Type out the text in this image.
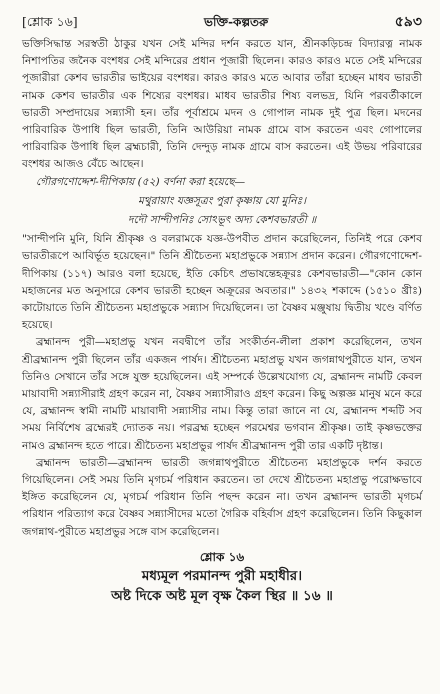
[শ্লোক ১৬]	ভক্তি-কল্পতরু	৫৯৩

ভক্তিসিদ্ধান্ত সরস্বতী ঠাকুর যখন সেই মন্দির দর্শন করতে যান, শ্রীনকড়িচন্দ্র বিদ্যারত্ন নামক নিশাপতির জনৈক বংশধর সেই মন্দিরের প্রধান পূজারী ছিলেন। কারও কারও মতে সেই মন্দিরের পূজারীরা কেশব ভারতীর ভাইয়ের বংশধর। কারও কারও মতে আবার তাঁরা হচ্ছেন মাধব ভারতী নামক কেশব ভারতীর এক শিষ্যের বংশধর। মাধব ভারতীর শিষ্য বলভদ্র, যিনি পরবর্তীকালে ভারতী সম্প্রদায়ের সন্ন্যাসী হন। তাঁর পূর্বাশ্রমে মদন ও গোপাল নামক দুই পুত্র ছিল। মদনের পারিবারিক উপাধি ছিল ভারতী, তিনি আউরিয়া নামক গ্রামে বাস করতেন এবং গোপালের পারিবারিক উপাধি ছিল ব্রহ্মচারী, তিনি দেন্দুড় নামক গ্রামে বাস করতেন। এই উভয় পরিবারের বংশধর আজও বেঁচে আছেন।

গৌরগণোদ্দেশ-দীপিকায় (৫২) বর্ণনা করা হয়েছে—

মথুরায়াং যজ্ঞসূত্রং পুরা কৃষ্ণায় যো মুনিঃ।
দদৌ সান্দীপনিঃ সোঽভূৎ অদ্য কেশবভারতী ॥

"সান্দীপনি মুনি, যিনি শ্রীকৃষ্ণ ও বলরামকে যজ্ঞ-উপবীত প্রদান করেছিলেন, তিনিই পরে কেশব ভারতীরূপে আবির্ভূত হয়েছেন।" তিনি শ্রীচৈতন্য মহাপ্রভুকে সন্ন্যাস প্রদান করেন। গৌরগণোদ্দেশ-দীপিকায় (১১৭) আরও বলা হয়েছে, ইতি কেচিৎ প্রভাষন্তেহক্রূরঃ কেশবভারতী—"কোন কোন মহাজনের মত অনুসারে কেশব ভারতী হচ্ছেন অক্রূরের অবতার।" ১৪৩২ শকাব্দে (১৫১০ খ্রীঃ) কাটোয়াতে তিনি শ্রীচৈতন্য মহাপ্রভুকে সন্ন্যাস দিয়েছিলেন। তা বৈষ্ণব মঞ্জুষায় দ্বিতীয় খণ্ডে বর্ণিত হয়েছে।

ব্রহ্মানন্দ পুরী—মহাপ্রভু যখন নবদ্বীপে তাঁর সংকীর্তন-লীলা প্রকাশ করেছিলেন, তখন শ্রীব্রহ্মানন্দ পুরী ছিলেন তাঁর একজন পার্ষদ। শ্রীচৈতন্য মহাপ্রভু যখন জগন্নাথপুরীতে যান, তখন তিনিও সেখানে তাঁর সঙ্গে যুক্ত হয়েছিলেন। এই সম্পর্কে উল্লেখযোগ্য যে, ব্রহ্মানন্দ নামটি কেবল মায়াবাদী সন্ন্যাসীরাই গ্রহণ করেন না, বৈষ্ণব সন্ন্যাসীরাও গ্রহণ করেন। কিছু অল্পজ্ঞ মানুষ মনে করে যে, ব্রহ্মানন্দ স্বামী নামটি মায়াবাদী সন্ন্যাসীর নাম। কিন্তু তারা জানে না যে, ব্রহ্মানন্দ শব্দটি সব সময় নির্বিশেষ ব্রহ্মেরই দ্যোতক নয়। পরব্রহ্ম হচ্ছেন পরমেশ্বর ভগবান শ্রীকৃষ্ণ। তাই কৃষ্ণভক্তের নামও ব্রহ্মানন্দ হতে পারে। শ্রীচৈতন্য মহাপ্রভুর পার্ষদ শ্রীব্রহ্মানন্দ পুরী তার একটি দৃষ্টান্ত।

ব্রহ্মানন্দ ভারতী—ব্রহ্মানন্দ ভারতী জগন্নাথপুরীতে শ্রীচৈতন্য মহাপ্রভুকে দর্শন করতে গিয়েছিলেন। সেই সময় তিনি মৃগচর্ম পরিধান করতেন। তা দেখে শ্রীচৈতন্য মহাপ্রভু পরোক্ষভাবে ইঙ্গিত করেছিলেন যে, মৃগচর্ম পরিধান তিনি পছন্দ করেন না। তখন ব্রহ্মানন্দ ভারতী মৃগচর্ম পরিধান পরিত্যাগ করে বৈষ্ণব সন্ন্যাসীদের মতো গৈরিক বহির্বাস গ্রহণ করেছিলেন। তিনি কিছুকাল জগন্নাথ-পুরীতে মহাপ্রভুর সঙ্গে বাস করেছিলেন।

শ্লোক ১৬
মধ্যমূল পরমানন্দ পুরী মহাধীর।
অষ্ট দিকে অষ্ট মূল বৃক্ষ কৈল স্থির ॥ ১৬ ॥
